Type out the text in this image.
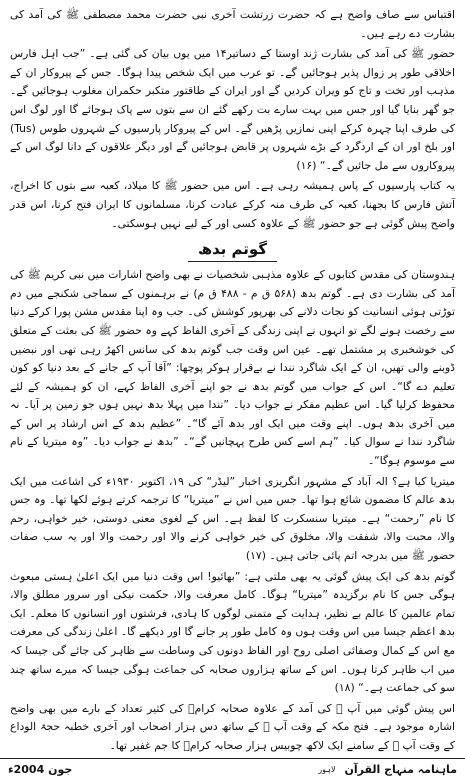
اقتباس سے صاف واضح ہے کہ حضرت زرتشت آخری نبی حضرت محمد مصطفی ﷺ کی آمد کی بشارت دے رہے ہیں۔

حضور ﷺ کی آمد کی بشارت ژند اوستا کے دساتیر۱۴ میں یوں بیان کی گئی ہے۔ ”جب اہل فارس اخلاقی طور پر زوال پذیر ہوجائیں گے۔ تو عرب میں ایک شخص پیدا ہوگا۔ جس کے پیروکار ان کے مذہب اور تخت و تاج کو ویران کردیں گے اور ایران کے طاقتور متکبر حکمران مغلوب ہوجائیں گے۔ جو گھر بنایا گیا اور جس میں بہت سارے بت رکھے گئے ان سے بتوں سے پاک ہوجائے گا اور لوگ اس کی طرف اپنا چہرہ کرکے اپنی نمازیں پڑھیں گے۔ اس کے پیروکار پارسیوں کے شہروں طوس (Tus) اور بلخ اور ان کے اردگرد کے بڑے شہروں پر قابض ہوجائیں گے اور دیگر علاقوں کے دانا لوگ اس کے پیروکاروں سے مل جائیں گے۔“ (۱۶)

یہ کتاب پارسیوں کے پاس ہمیشہ رہی ہے۔ اس میں حضور ﷺ کا میلاد، کعبہ سے بتوں کا اخراج، آتش فارس کا بجھنا، کعبہ کی طرف منہ کرکے عبادت کرنا، مسلمانوں کا ایران فتح کرنا، اس قدر واضح پیش گوئی ہے جو حضور ﷺ کے علاوہ کسی اور کے لیے نہیں ہوسکتی۔

گوتم بدھ

ہندوستان کی مقدس کتابوں کے علاوہ مذہبی شخصیات نے بھی واضح اشارات میں نبی کریم ﷺ کی آمد کی بشارت دی ہے۔ گوتم بدھ (۵۶۸ ق م - ۴۸۸ ق م) نے برہمنوں کے سماجی شکنجے میں دم توڑتی ہوئی انسانیت کو نجات دلانے کی بھرپور کوشش کی۔ جب وہ اپنا مقدس مشن پورا کرکے دنیا سے رخصت ہونے لگے تو انہوں نے اپنی زندگی کے آخری الفاظ کہے وہ حضور ﷺ کی بعثت کے متعلق کی خوشخبری پر مشتمل تھے۔ عین اس وقت جب گوتم بدھ کی سانس اکھڑ رہی تھی اور نبضیں ڈوبنے والی تھیں، ان کے ایک شاگرد نندا نے بےقرار ہوکر پوچھا: ”آقا آپ کے جانے کے بعد دنیا کو کون تعلیم دے گا“۔ اس کے جواب میں گوتم بدھ نے جو اپنے آخری الفاظ کہے، ان کو ہمیشہ کے لئے محفوظ کرلیا گیا۔ اس عظیم مفکر نے جواب دیا۔ ”نندا میں پہلا بدھ نہیں ہوں جو زمین پر آیا۔ نہ میں آخری بدھ ہوں۔ اپنے وقت میں ایک اور بدھ آئے گا“۔ ”عظیم بدھ کے اس ارشاد پر اس کے شاگرد نندا نے سوال کیا۔ ”ہم اسے کس طرح پہچانیں گے“۔ ”بدھ نے جواب دیا۔ ”وہ میتریا کے نام سے موسوم ہوگا“۔

میتریا کیا ہے؟ الہ آباد کے مشہور انگریزی اخبار ”لیڈر“ کی ۱۹، اکتوبر ۱۹۳۰ء کی اشاعت میں ایک بدھ عالم کا مضمون شائع ہوا تھا۔ جس میں اس نے ”میتریا“ کا ترجمہ کرتے ہوئے لکھا تھا۔ وہ جس کا نام ”رحمت“ ہے۔ میتریا سنسکرت کا لفظ ہے۔ اس کے لغوی معنی دوستی، خیر خواہی، رحم والا، محبت والا، شفقت والا، مخلوق کی خیر خواہی کرنے والا اور رحمت والا اور یہ سب صفات حضور ﷺ میں بدرجہ اتم پائی جاتی ہیں۔ (۱۷)

گوتم بدھ کی ایک پیش گوئی یہ بھی ملتی ہے: ”بھائیو! اس وقت دنیا میں ایک اعلیٰ ہستی مبعوث ہوگی جس کا نام برگزیدہ ”میتریا“ ہوگا۔ کامل معرفت والا، حکمت نیکی اور سرور مطلق والا، تمام عالمین کا عالم بے نظیر، ہدایت کے متمنی لوگوں کا ہادی، فرشتوں اور انسانوں کا معلم۔ ایک بدھ اعظم جیسا میں اس وقت ہوں وہ کامل طور پر جانے گا اور دیکھے گا۔ اعلیٰ زندگی کی معرفت مع اس کے کمال وصفائی اصلی روح اور الفاظ دونوں کی وساطت سے ظاہر کی جائے گی جیسا کہ میں اب ظاہر کرتا ہوں۔ اس کے ساتھ ہزاروں صحابہ کی جماعت ہوگی جیسا کہ میرے ساتھ چند سو کی جماعت ہے۔“ (۱۸)

اس پیش گوئی میں آپ ﷺ کی آمد کے علاوہ صحابہ کرامؓ کی کثیر تعداد کے بارے میں بھی واضح اشارہ موجود ہے۔ فتح مکہ کے وقت آپ ﷺ کے ساتھ دس ہزار اصحاب اور آخری خطبہ حجۃ الوداع کے وقت آپ ﷺ کے سامنے ایک لاکھ چوبیس ہزار صحابہ کرامؓ کا جم غفیر تھا۔

ماہنامہ منہاج القرآن
لاہور
جون 2004ء
